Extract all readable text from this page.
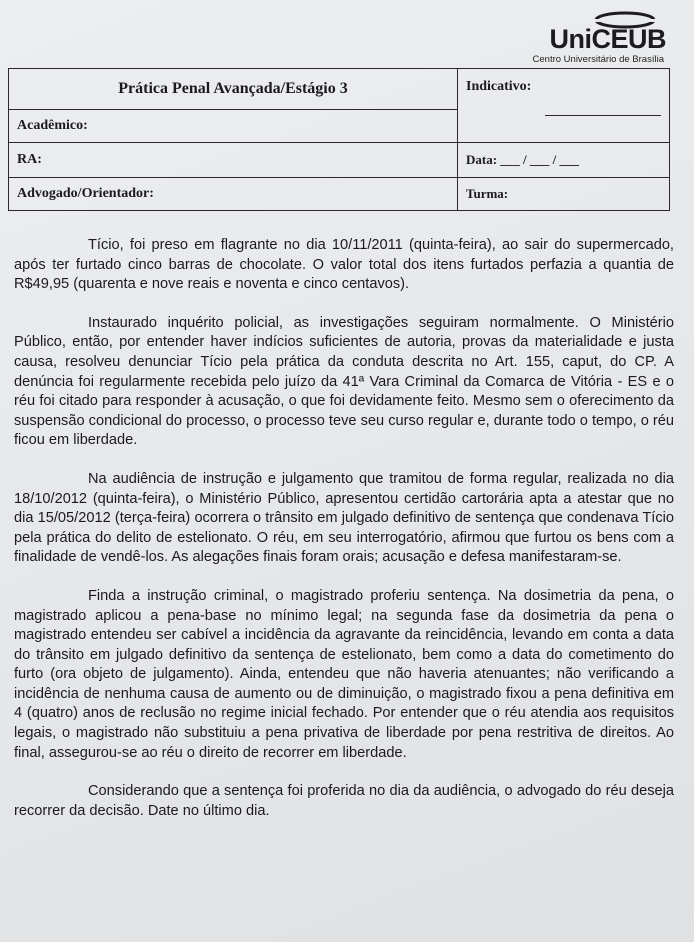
UniCEUB
Centro Universitário de Brasília
Prática Penal Avançada/Estágio 3	Indicativo:

Acadêmico:	
RA:	Data: ___ / ___ / ___
Advogado/Orientador:	Turma:

Tício, foi preso em flagrante no dia 10/11/2011 (quinta-feira), ao sair do supermercado, após ter furtado cinco barras de chocolate. O valor total dos itens furtados perfazia a quantia de R$49,95 (quarenta e nove reais e noventa e cinco centavos).

Instaurado inquérito policial, as investigações seguiram normalmente. O Ministério Público, então, por entender haver indícios suficientes de autoria, provas da materialidade e justa causa, resolveu denunciar Tício pela prática da conduta descrita no Art. 155, caput, do CP. A denúncia foi regularmente recebida pelo juízo da 41ª Vara Criminal da Comarca de Vitória - ES e o réu foi citado para responder à acusação, o que foi devidamente feito. Mesmo sem o oferecimento da suspensão condicional do processo, o processo teve seu curso regular e, durante todo o tempo, o réu ficou em liberdade.

Na audiência de instrução e julgamento que tramitou de forma regular, realizada no dia 18/10/2012 (quinta-feira), o Ministério Público, apresentou certidão cartorária apta a atestar que no dia 15/05/2012 (terça-feira) ocorrera o trânsito em julgado definitivo de sentença que condenava Tício pela prática do delito de estelionato. O réu, em seu interrogatório, afirmou que furtou os bens com a finalidade de vendê-los. As alegações finais foram orais; acusação e defesa manifestaram-se.

Finda a instrução criminal, o magistrado proferiu sentença. Na dosimetria da pena, o magistrado aplicou a pena-base no mínimo legal; na segunda fase da dosimetria da pena o magistrado entendeu ser cabível a incidência da agravante da reincidência, levando em conta a data do trânsito em julgado definitivo da sentença de estelionato, bem como a data do cometimento do furto (ora objeto de julgamento). Ainda, entendeu que não haveria atenuantes; não verificando a incidência de nenhuma causa de aumento ou de diminuição, o magistrado fixou a pena definitiva em 4 (quatro) anos de reclusão no regime inicial fechado. Por entender que o réu atendia aos requisitos legais, o magistrado não substituiu a pena privativa de liberdade por pena restritiva de direitos. Ao final, assegurou-se ao réu o direito de recorrer em liberdade.

Considerando que a sentença foi proferida no dia da audiência, o advogado do réu deseja recorrer da decisão. Date no último dia.
